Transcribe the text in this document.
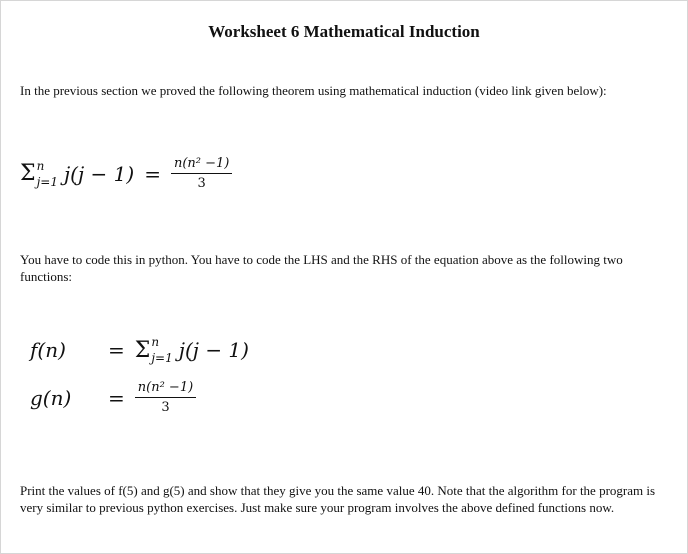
Worksheet 6 Mathematical Induction
In the previous section we proved the following theorem using mathematical induction (video link given below):
Σ n
j=1 $j(j - 1) = \frac{\text{n(n² −1)}}{3}$
You have to code this in python. You have to code the LHS and the RHS of the equation above as the following two functions:
f(n)	= Σ n
j=1 j(j − 1)
g(n)	= $\frac{\text{n(n² −1)}}{3}$
Print the values of f(5) and g(5) and show that they give you the same value 40. Note that the algorithm for the program is very similar to previous python exercises. Just make sure your program involves the above defined functions now.
